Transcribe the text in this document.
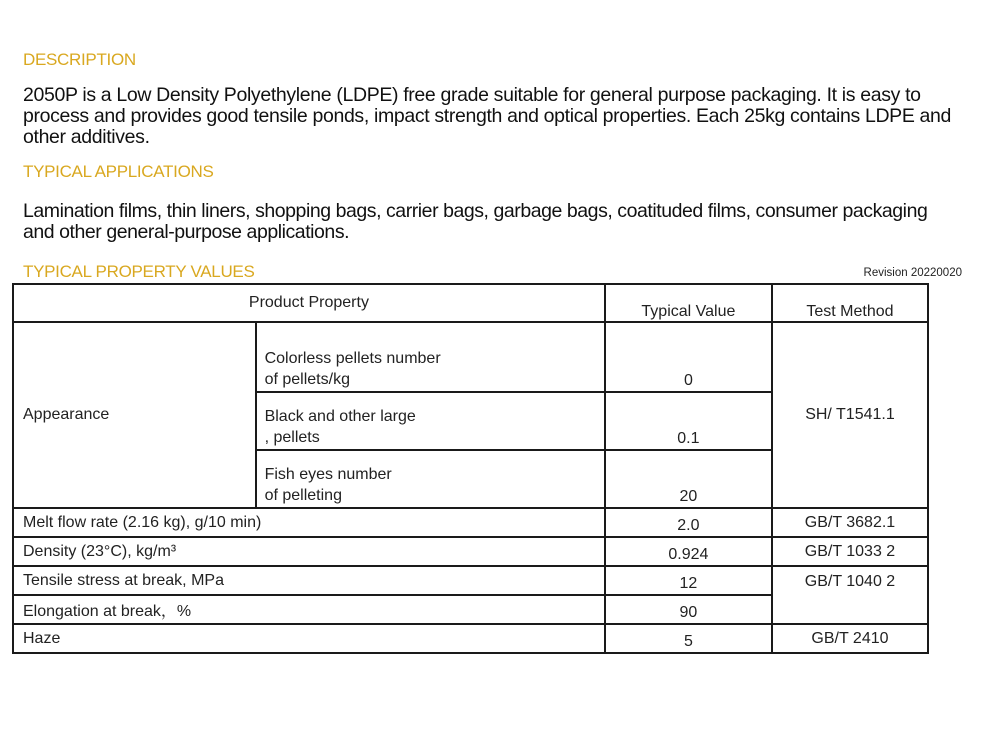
DESCRIPTION
2050P is a Low Density Polyethylene (LDPE) free grade suitable for general purpose packaging. It is easy to
process and provides good tensile ponds, impact strength and optical properties. Each 25kg contains LDPE and
other additives.
TYPICAL APPLICATIONS
Lamination films, thin liners, shopping bags, carrier bags, garbage bags, coatituded films, consumer packaging
and other general-purpose applications.
TYPICAL PROPERTY VALUES	Revision 20220020
Product Property		Typical Value	Test Method
Appearance	Colorless pellets number
of pellets/kg	0	SH/ T1541.1

	Black and other large
, pellets	0.1	

	Fish eyes number
of pelleting	20	
Melt flow rate (2.16 kg), g/10 min)		2.0	GB/T 3682.1
Density (23°C), kg/m³		0.924	GB/T 1033 2
Tensile stress at break, MPa		12	GB/T 1040 2
Elongation at break，%		90	
Haze		5	GB/T 2410
